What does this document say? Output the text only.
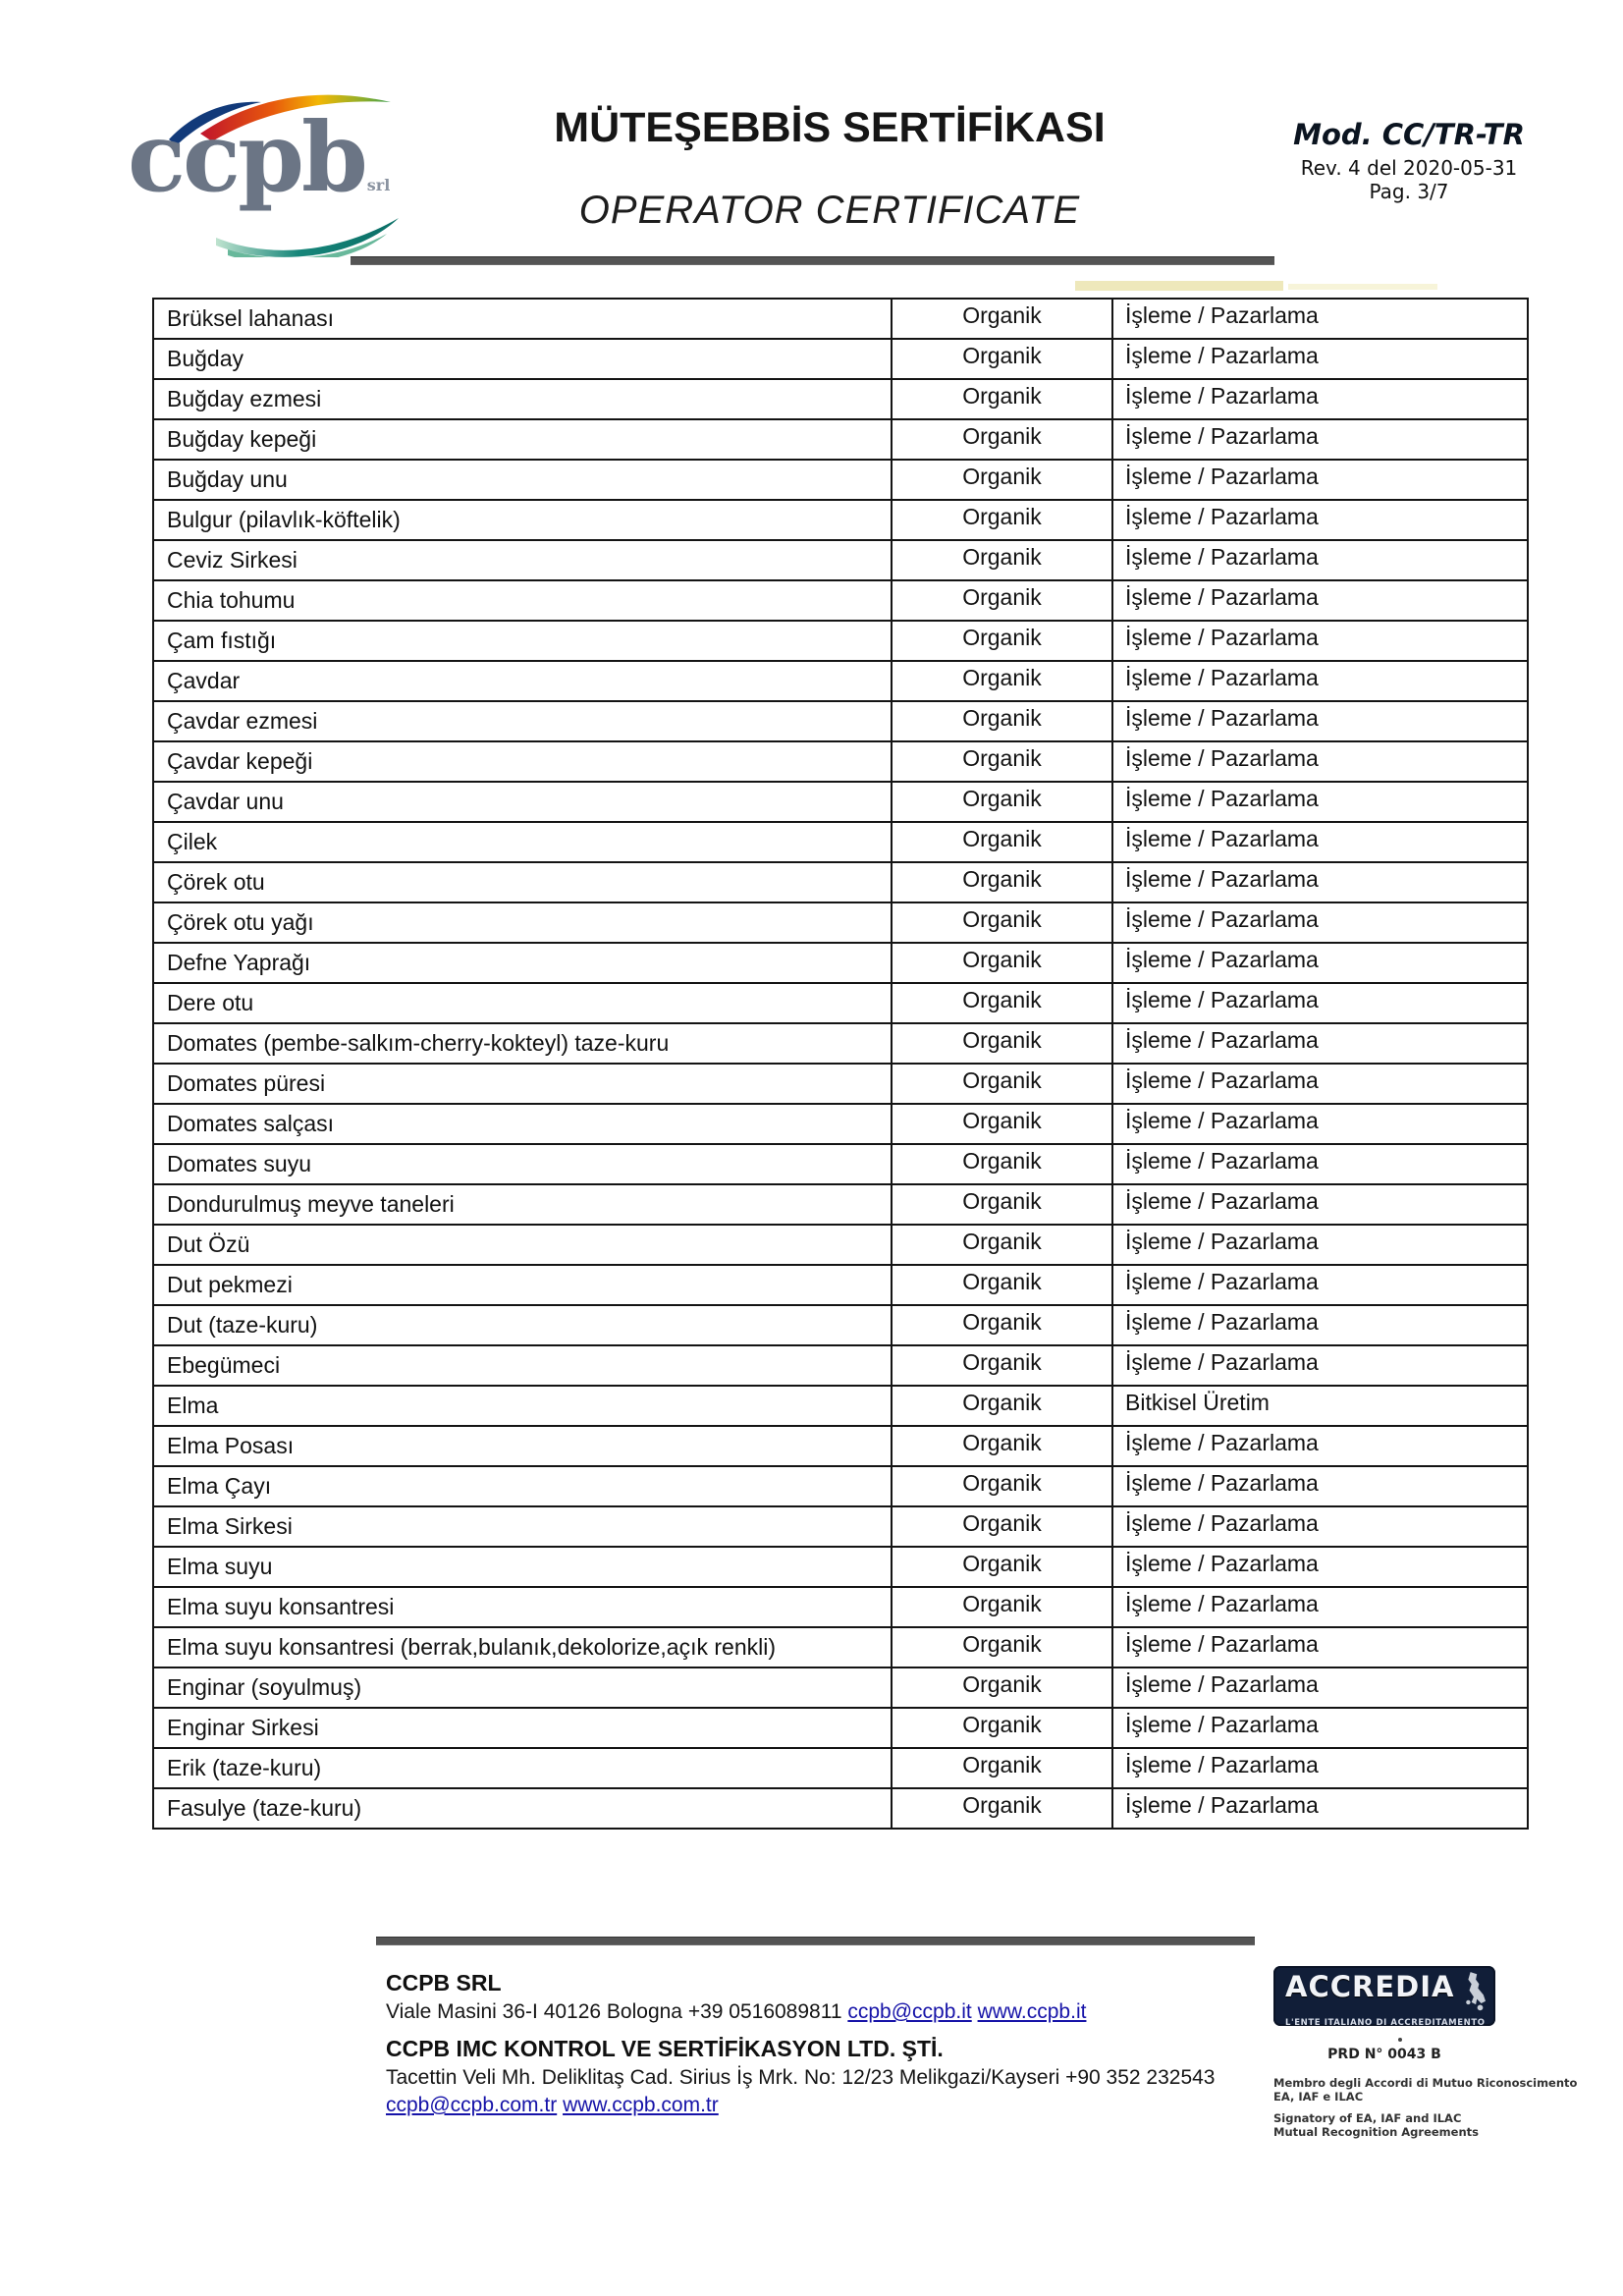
ccpb srl
MÜTEŞEBBİS SERTİFİKASI
OPERATOR CERTIFICATE
Mod. CC/TR-TR
Rev. 4 del 2020-05-31
Pag. 3/7
Brüksel lahanası	Organik	İşleme / Pazarlama
Buğday	Organik	İşleme / Pazarlama
Buğday ezmesi	Organik	İşleme / Pazarlama
Buğday kepeği	Organik	İşleme / Pazarlama
Buğday unu	Organik	İşleme / Pazarlama
Bulgur (pilavlık-köftelik)	Organik	İşleme / Pazarlama
Ceviz Sirkesi	Organik	İşleme / Pazarlama
Chia tohumu	Organik	İşleme / Pazarlama
Çam fıstığı	Organik	İşleme / Pazarlama
Çavdar	Organik	İşleme / Pazarlama
Çavdar ezmesi	Organik	İşleme / Pazarlama
Çavdar kepeği	Organik	İşleme / Pazarlama
Çavdar unu	Organik	İşleme / Pazarlama
Çilek	Organik	İşleme / Pazarlama
Çörek otu	Organik	İşleme / Pazarlama
Çörek otu yağı	Organik	İşleme / Pazarlama
Defne Yaprağı	Organik	İşleme / Pazarlama
Dere otu	Organik	İşleme / Pazarlama
Domates (pembe-salkım-cherry-kokteyl) taze-kuru	Organik	İşleme / Pazarlama
Domates püresi	Organik	İşleme / Pazarlama
Domates salçası	Organik	İşleme / Pazarlama
Domates suyu	Organik	İşleme / Pazarlama
Dondurulmuş meyve taneleri	Organik	İşleme / Pazarlama
Dut Özü	Organik	İşleme / Pazarlama
Dut pekmezi	Organik	İşleme / Pazarlama
Dut (taze-kuru)	Organik	İşleme / Pazarlama
Ebegümeci	Organik	İşleme / Pazarlama
Elma	Organik	Bitkisel Üretim
Elma Posası	Organik	İşleme / Pazarlama
Elma Çayı	Organik	İşleme / Pazarlama
Elma Sirkesi	Organik	İşleme / Pazarlama
Elma suyu	Organik	İşleme / Pazarlama
Elma suyu konsantresi	Organik	İşleme / Pazarlama
Elma suyu konsantresi (berrak,bulanık,dekolorize,açık renkli)	Organik	İşleme / Pazarlama
Enginar (soyulmuş)	Organik	İşleme / Pazarlama
Enginar Sirkesi	Organik	İşleme / Pazarlama
Erik (taze-kuru)	Organik	İşleme / Pazarlama
Fasulye (taze-kuru)	Organik	İşleme / Pazarlama
CCPB SRL
Viale Masini 36-I 40126 Bologna +39 0516089811 ccpb@ccpb.it www.ccpb.it
CCPB IMC KONTROL VE SERTİFİKASYON LTD. ŞTİ.
Tacettin Veli Mh. Deliklitaş Cad. Sirius İş Mrk. No: 12/23 Melikgazi/Kayseri +90 352 232543
ccpb@ccpb.com.tr www.ccpb.com.tr
ACCREDIA
L'ENTE ITALIANO DI ACCREDITAMENTO
PRD N° 0043 B
Membro degli Accordi di Mutuo Riconoscimento
EA, IAF e ILAC
Signatory of EA, IAF and ILAC
Mutual Recognition Agreements
